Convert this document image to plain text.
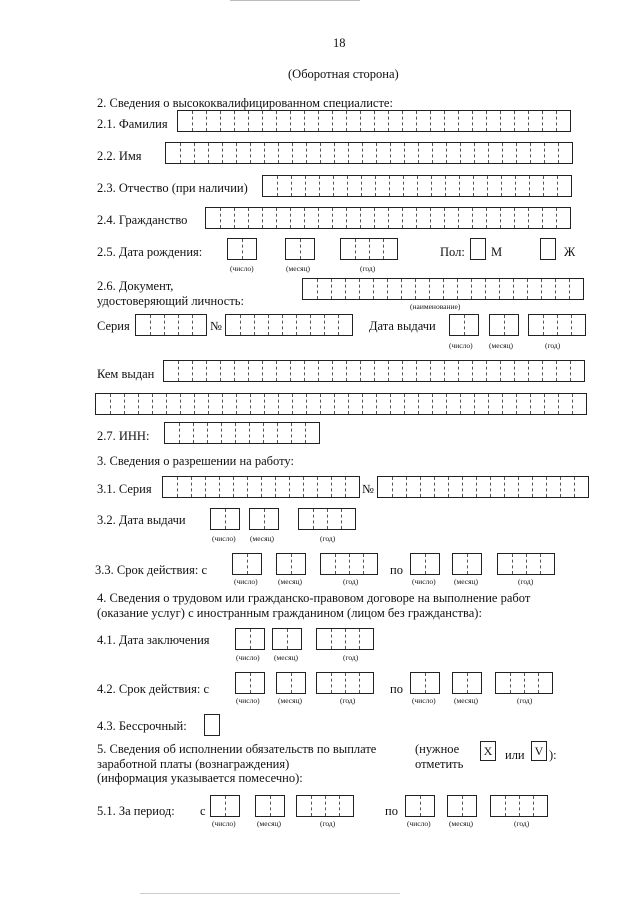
18
(Оборотная сторона)
2. Сведения о высококвалифицированном специалисте:
2.1. Фамилия
2.2. Имя
2.3. Отчество (при наличии)
2.4. Гражданство
2.5. Дата рождения:
(число)	(месяц)	(год)
Пол: М	Ж
2.6. Документ,
удостоверяющий личность:	(наименование)
Серия	№	Дата выдачи
(число) (месяц)	(год)
Кем выдан
2.7. ИНН:
3. Сведения о разрешении на работу:
3.1. Серия	№
3.2. Дата выдачи
(число) (месяц)	(год)
3.3. Срок действия: с
(число)	(месяц)	(год)
по
(число) (месяц)	(год)
4. Сведения о трудовом или гражданско-правовом договоре на выполнение работ
(оказание услуг) с иностранным гражданином (лицом без гражданства):
4.1. Дата заключения
(число) (месяц)	(год)
4.2. Срок действия: с
(число) (месяц)	(год)
по
(число) (месяц)	(год)
4.3. Бессрочный:
5. Сведения об исполнении обязательств по выплате
заработной платы (вознаграждения)
(информация указывается помесечно):
(нужное
отметить
X или V ):
5.1. За период: с
(число)	(месяц)	(год)
по
(число) (месяц)	(год)
